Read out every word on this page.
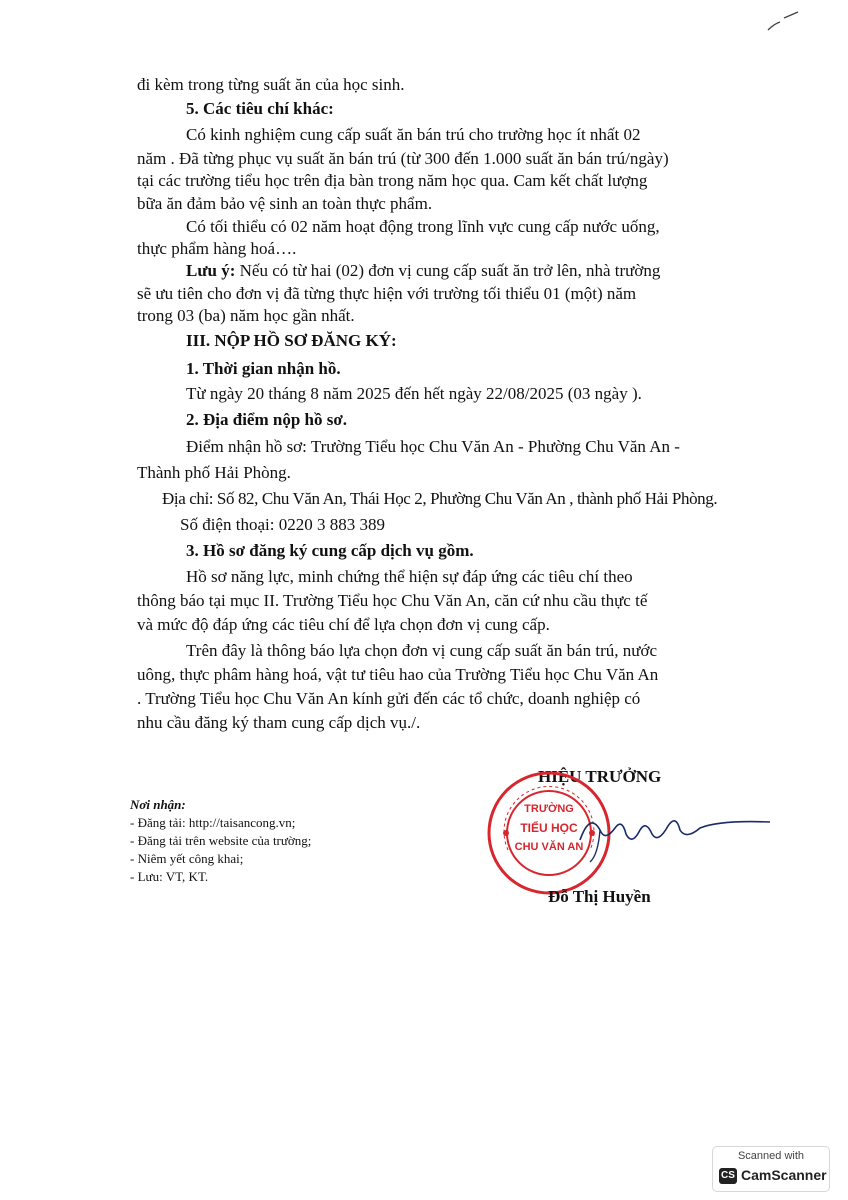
đi kèm trong từng suất ăn của học sinh.
5. Các tiêu chí khác:
Có kinh nghiệm cung cấp suất ăn bán trú cho trường học ít nhất 02
năm . Đã từng phục vụ suất ăn bán trú (từ 300 đến 1.000 suất ăn bán trú/ngày)
tại các trường tiểu học trên địa bàn trong năm học qua. Cam kết chất lượng
bữa ăn đảm bảo vệ sinh an toàn thực phẩm.
Có tối thiểu có 02 năm hoạt động trong lĩnh vực cung cấp nước uống,
thực phẩm hàng hoá….
Lưu ý: Nếu có từ hai (02) đơn vị cung cấp suất ăn trở lên, nhà trường
sẽ ưu tiên cho đơn vị đã từng thực hiện với trường tối thiểu 01 (một) năm
trong 03 (ba) năm học gần nhất.
III. NỘP HỒ SƠ ĐĂNG KÝ:
1. Thời gian nhận hồ.
Từ ngày 20 tháng 8 năm 2025 đến hết ngày 22/08/2025 (03 ngày ).
2. Địa điểm nộp hồ sơ.
Điểm nhận hồ sơ: Trường Tiểu học Chu Văn An - Phường Chu Văn An -
Thành phố Hải Phòng.
Địa chỉ: Số 82, Chu Văn An, Thái Học 2, Phường Chu Văn An , thành phố Hải Phòng.
Số điện thoại: 0220 3 883 389
3. Hồ sơ đăng ký cung cấp dịch vụ gồm.
Hồ sơ năng lực, minh chứng thể hiện sự đáp ứng các tiêu chí theo
thông báo tại mục II. Trường Tiểu học Chu Văn An, căn cứ nhu cầu thực tế
và mức độ đáp ứng các tiêu chí để lựa chọn đơn vị cung cấp.
Trên đây là thông báo lựa chọn đơn vị cung cấp suất ăn bán trú, nước
uông, thực phâm hàng hoá, vật tư tiêu hao của Trường Tiểu học Chu Văn An
. Trường Tiểu học Chu Văn An kính gửi đến các tổ chức, doanh nghiệp có
nhu cầu đăng ký tham cung cấp dịch vụ./.
Nơi nhận:
- Đăng tải: http://taisancong.vn;
- Đăng tải trên website của trường;
- Niêm yết công khai;
- Lưu: VT, KT.
HIỆU TRƯỞNG
TRƯỜNG
TIỂU HỌC
CHU VĂN AN
Đỗ Thị Huyền
Scanned with
CS CamScanner
